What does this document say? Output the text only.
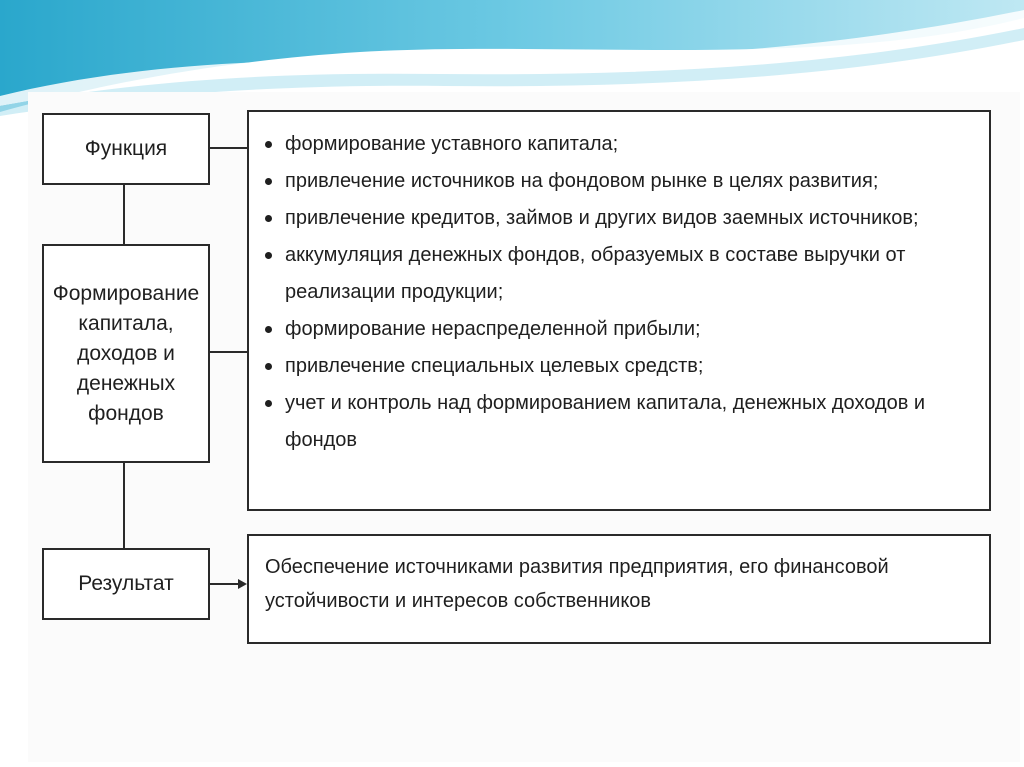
Функция
Формирование
капитала,
доходов и
денежных
фондов
Результат
формирование уставного капитала;
привлечение источников на фондовом рынке в целях развития;
привлечение кредитов, займов и других видов заемных источников;
аккумуляция денежных фондов, образуемых в составе выручки от реализации продукции;
формирование нераспределенной прибыли;
привлечение специальных целевых средств;
учет и контроль над формированием капитала, денежных доходов и фондов
Обеспечение источниками развития предприятия, его финансовой устойчивости и интересов собственников
